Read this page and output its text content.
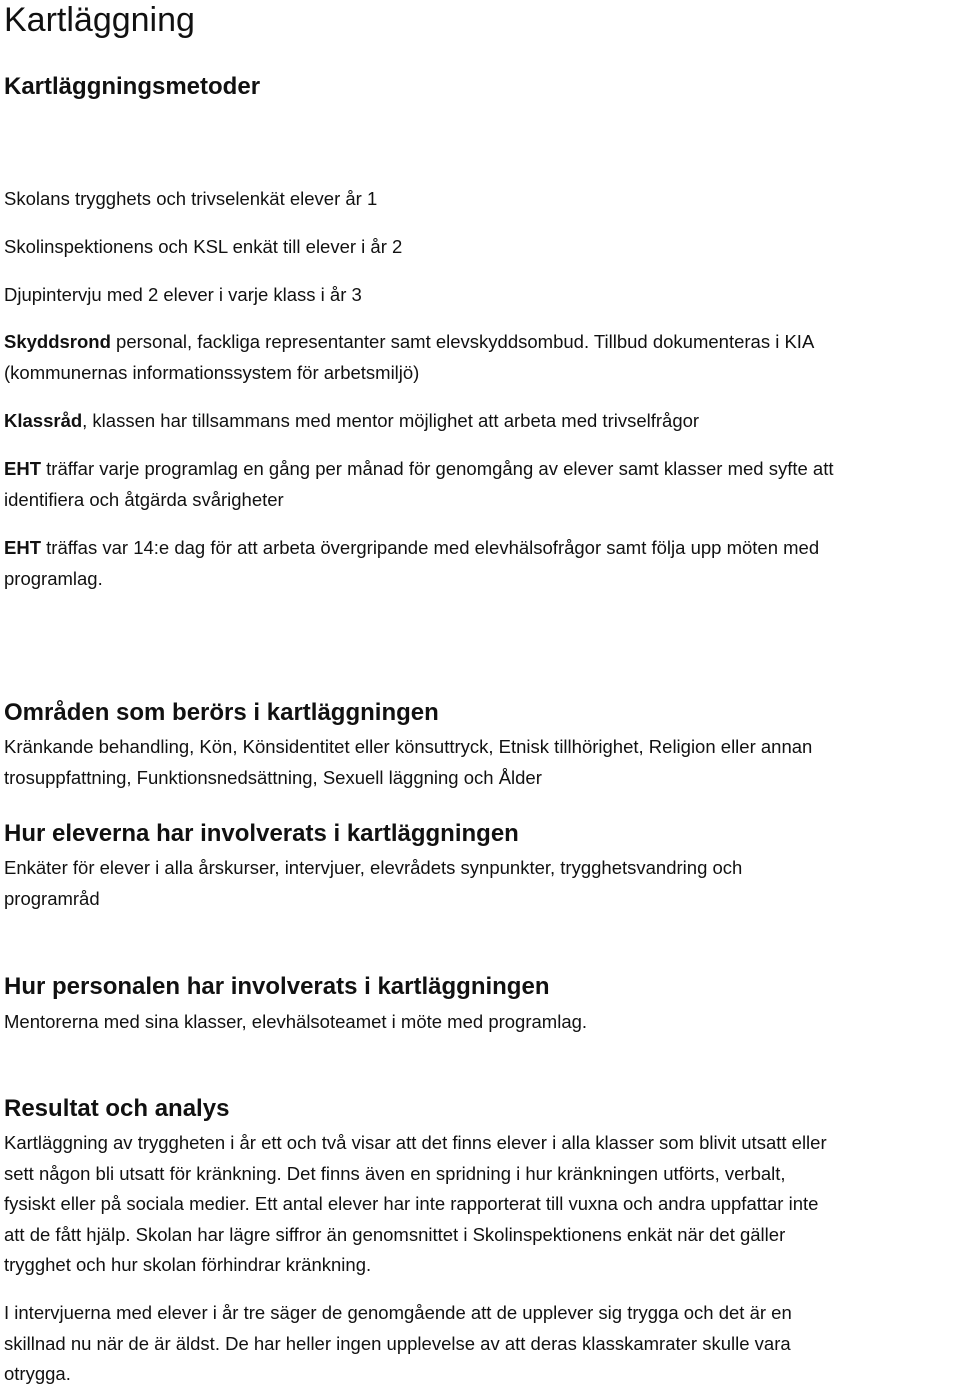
Kartläggning
Kartläggningsmetoder

Skolans trygghets och trivselenkät elever år 1

Skolinspektionens och KSL enkät till elever i år 2

Djupintervju med 2 elever i varje klass i år 3

Skyddsrond personal, fackliga representanter samt elevskyddsombud. Tillbud dokumenteras i KIA

(kommunernas informationssystem för arbetsmiljö)

Klassråd, klassen har tillsammans med mentor möjlighet att arbeta med trivselfrågor

EHT träffar varje programlag en gång per månad för genomgång av elever samt klasser med syfte att

identifiera och åtgärda svårigheter

EHT träffas var 14:e dag för att arbeta övergripande med elevhälsofrågor samt följa upp möten med

programlag.

Områden som berörs i kartläggningen

Kränkande behandling, Kön, Könsidentitet eller könsuttryck, Etnisk tillhörighet, Religion eller annan

trosuppfattning, Funktionsnedsättning, Sexuell läggning och Ålder

Hur eleverna har involverats i kartläggningen

Enkäter för elever i alla årskurser, intervjuer, elevrådets synpunkter, trygghetsvandring och

programråd

Hur personalen har involverats i kartläggningen

Mentorerna med sina klasser, elevhälsoteamet i möte med programlag.

Resultat och analys

Kartläggning av tryggheten i år ett och två visar att det finns elever i alla klasser som blivit utsatt eller

sett någon bli utsatt för kränkning. Det finns även en spridning i hur kränkningen utförts, verbalt,

fysiskt eller på sociala medier. Ett antal elever har inte rapporterat till vuxna och andra uppfattar inte

att de fått hjälp. Skolan har lägre siffror än genomsnittet i Skolinspektionens enkät när det gäller

trygghet och hur skolan förhindrar kränkning.

I intervjuerna med elever i år tre säger de genomgående att de upplever sig trygga och det är en

skillnad nu när de är äldst. De har heller ingen upplevelse av att deras klasskamrater skulle vara

otrygga.
